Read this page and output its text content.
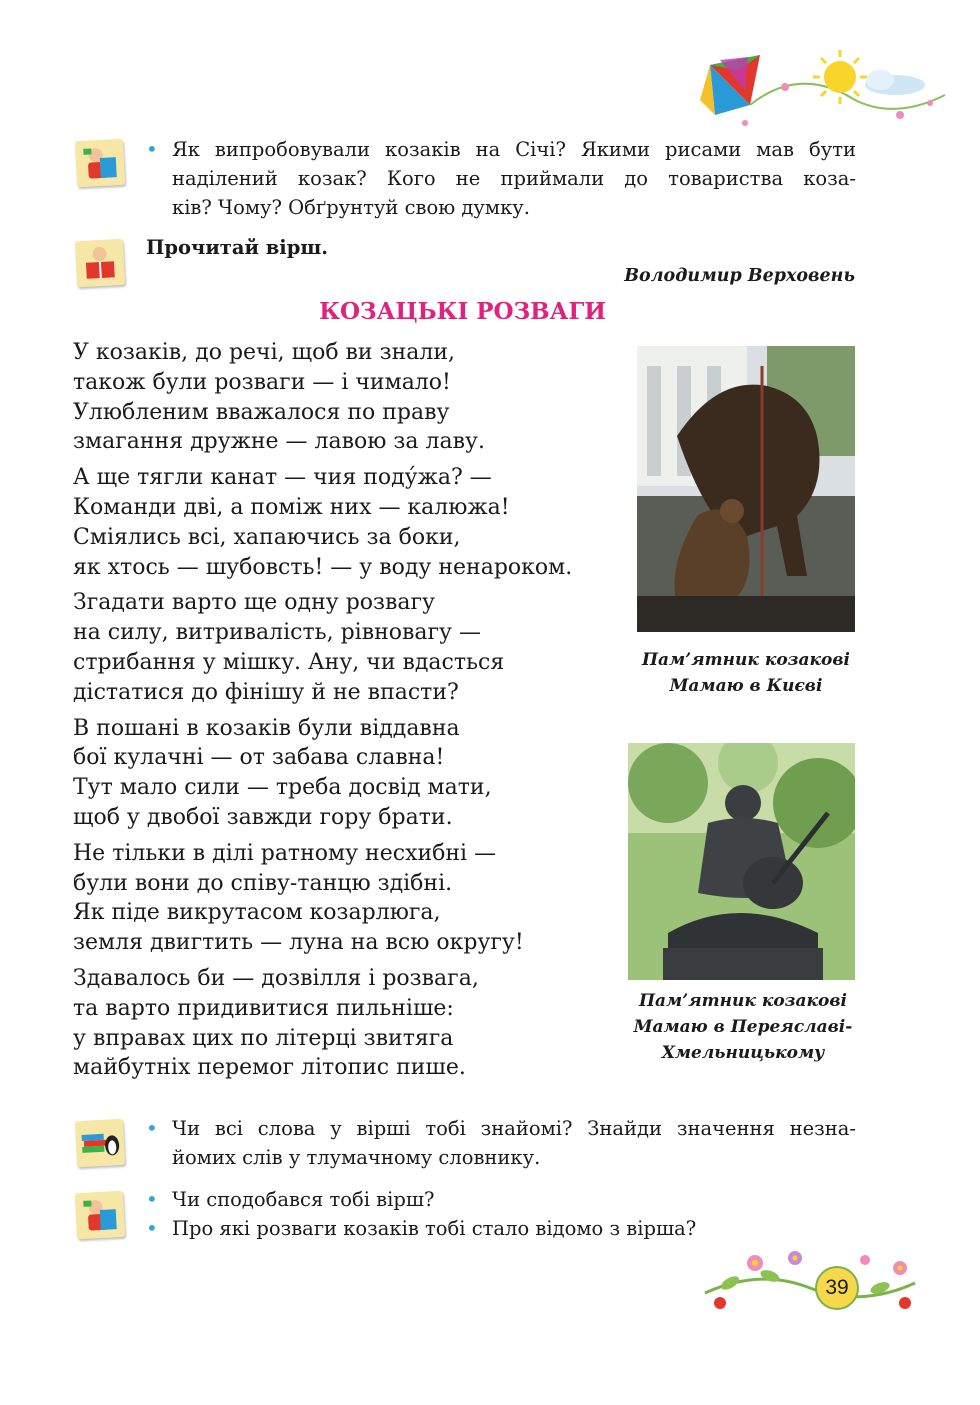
• Як випробовували козаків на Січі? Якими рисами мав бути
наділений козак? Кого не приймали до товариства коза-
ків? Чому? Обґрунтуй свою думку.
Прочитай вірш.
Володимир Верховень
КОЗАЦЬКІ РОЗВАГИ
У козаків, до речі, щоб ви знали,
також були розваги — і чимало!
Улюбленим вважалося по праву
змагання дружне — лавою за лаву.
А ще тягли канат — чия поду́жа? —
Команди дві, а поміж них — калюжа!
Сміялись всі, хапаючись за боки,
як хтось — шубовсть! — у воду ненароком.
Згадати варто ще одну розвагу
на силу, витривалість, рівновагу —
стрибання у мішку. Ану, чи вдасться
дістатися до фінішу й не впасти?
В пошані в козаків були віддавна
бої кулачні — от забава славна!
Тут мало сили — треба досвід мати,
щоб у двобої завжди гору брати.
Не тільки в ділі ратному несхибні —
були вони до співу-танцю здібні.
Як піде викрутасом козарлюга,
земля двигтить — луна на всю округу!
Здавалось би — дозвілля і розвага,
та варто придивитися пильніше:
у вправах цих по літерці звитяга
майбутніх перемог літопис пише.
Пам’ятник козакові
Мамаю в Києві
Пам’ятник козакові
Мамаю в Переяславі-
Хмельницькому
• Чи всі слова у вірші тобі знайомі? Знайди значення незна-
йомих слів у тлумачному словнику.
• Чи сподобався тобі вірш?
• Про які розваги козаків тобі стало відомо з вірша?
39
